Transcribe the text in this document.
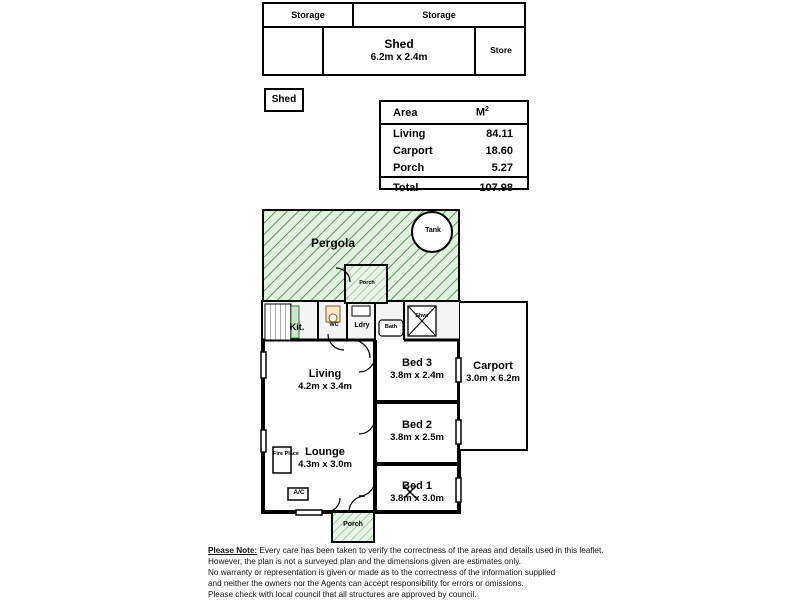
Storage	Storage
Shed
6.2m x 2.4m
Store
Shed
Area	$M^2$
Living	84.11
Carport	18.60
Porch	5.27
Total	107.98
Pergola
Tank
Porch
Kit.	WC	Ldry	Bath
Shwr
Carport
3.0m x 6.2m
Bed 3
3.8m x 2.4m
Bed 2
3.8m x 2.5m
Bed 1
3.8m x 3.0m
Living
4.2m x 3.4m
Lounge
4.3m x 3.0m
Fire Place
A/C
Porch
Please Note: Every care has been taken to verify the correctness of the areas and details used in this leaflet.
However, the plan is not a surveyed plan and the dimensions given are estimates only.
No warranty or representation is given or made as to the correctness of the information supplied
and neither the owners nor the Agents can accept responsibility for errors or omissions.
Please check with local council that all structures are approved by council.
